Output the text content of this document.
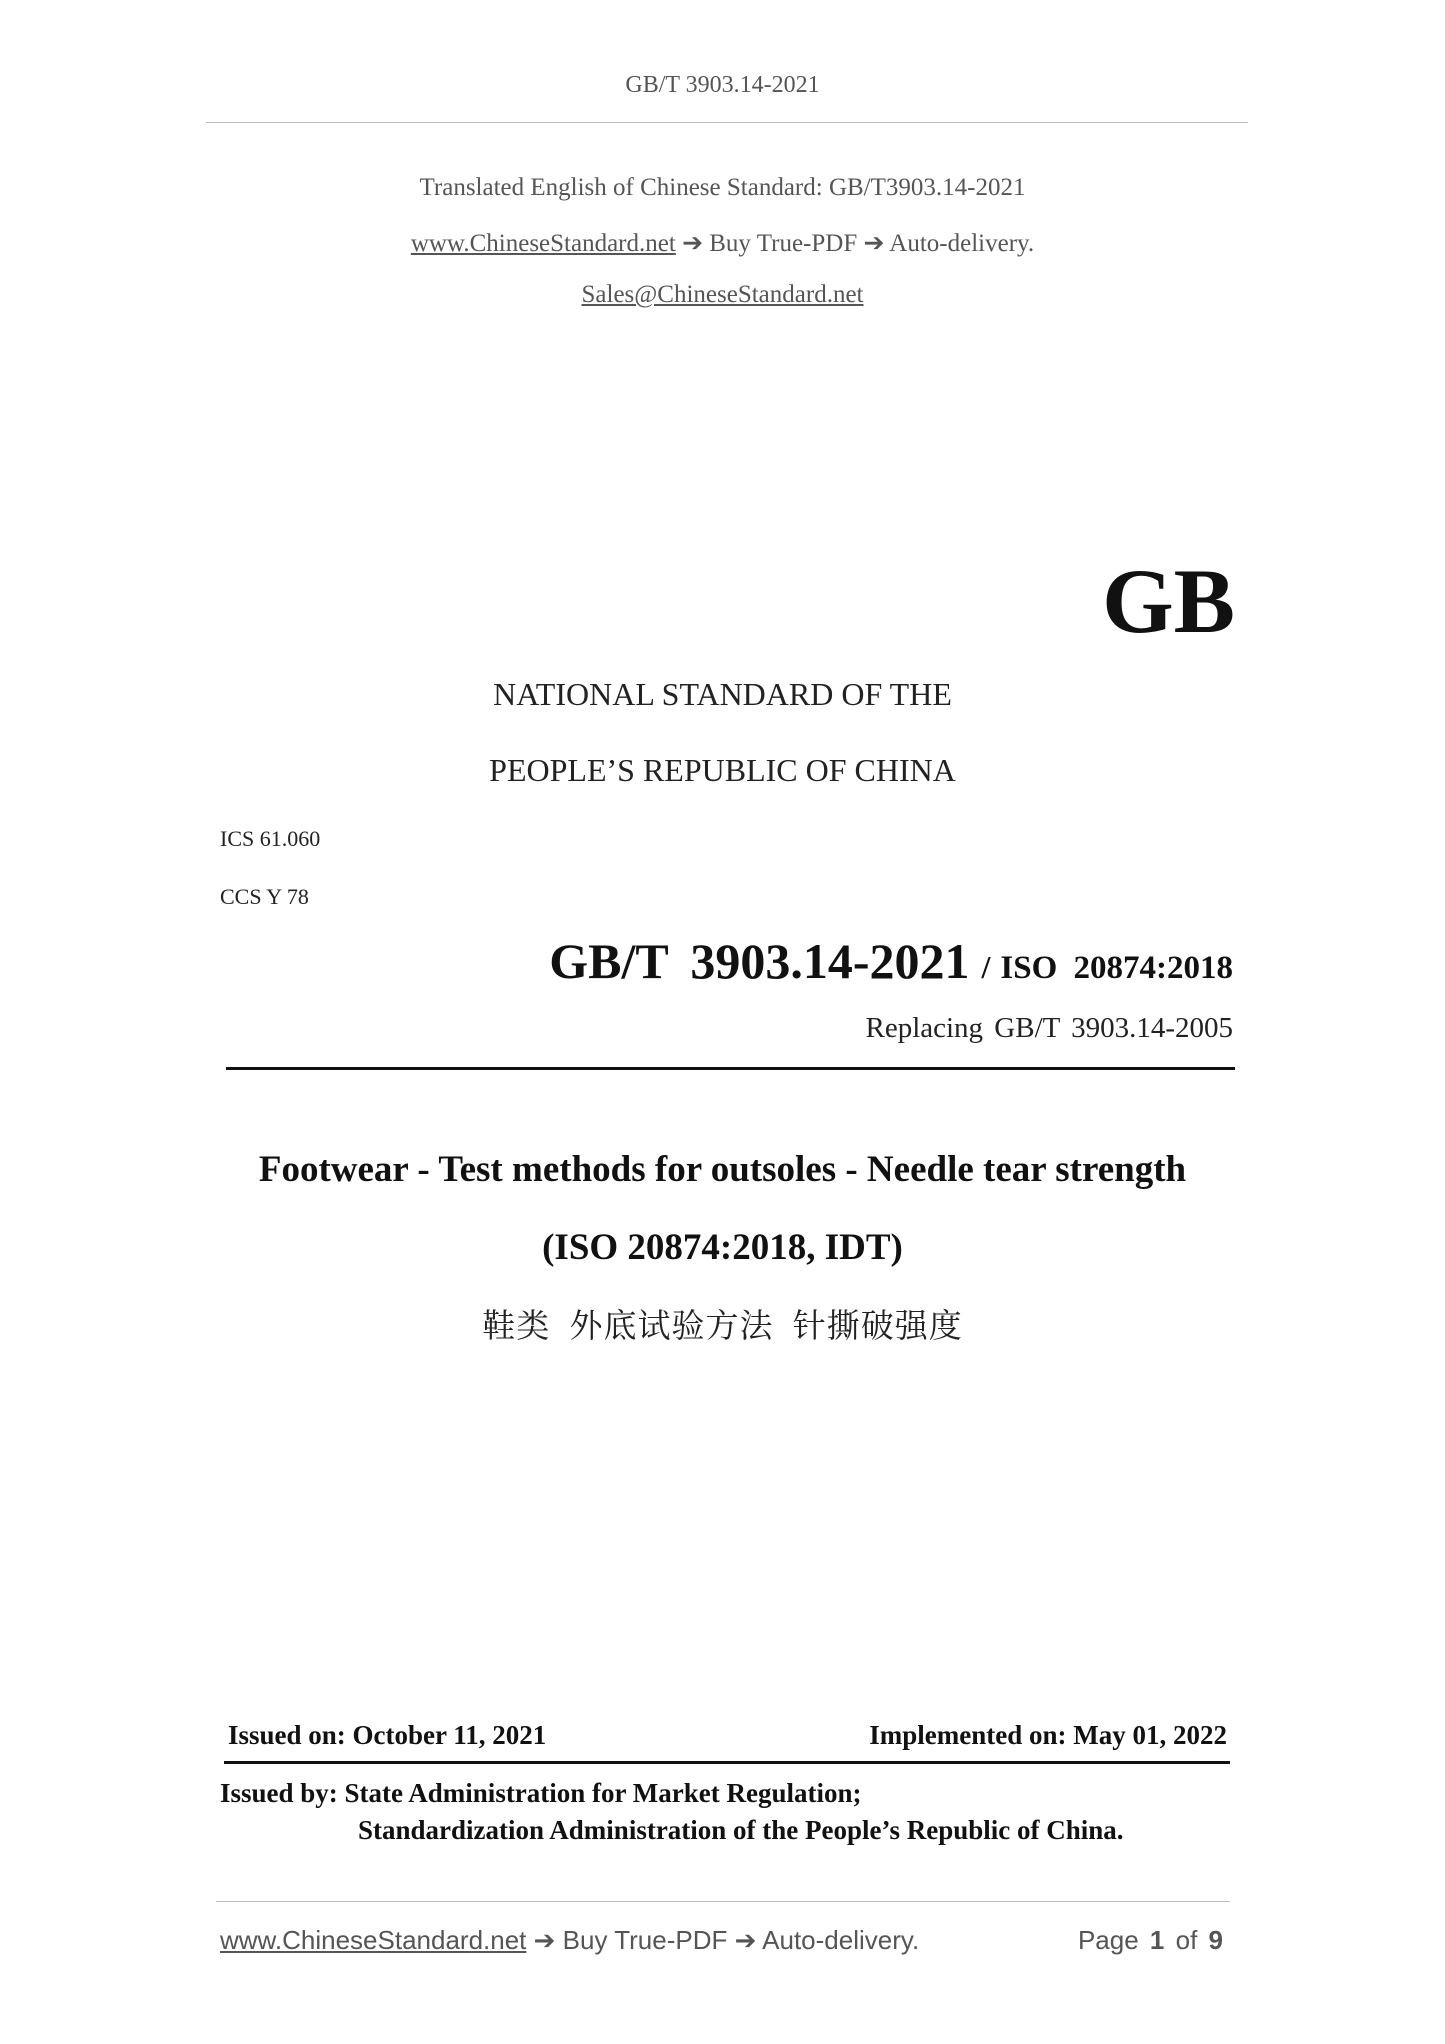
GB/T 3903.14-2021
Translated English of Chinese Standard: GB/T3903.14-2021
www.ChineseStandard.net ➔ Buy True-PDF ➔ Auto-delivery.
Sales@ChineseStandard.net
GB
NATIONAL STANDARD OF THE
PEOPLE’S REPUBLIC OF CHINA
ICS 61.060
CCS Y 78
GB/T 3903.14-2021 / ISO 20874:2018
Replacing GB/T 3903.14-2005
Footwear - Test methods for outsoles - Needle tear strength
(ISO 20874:2018, IDT)
鞋类 外底试验方法 针撕破强度
Issued on: October 11, 2021	Implemented on: May 01, 2022
Issued by: State Administration for Market Regulation;
Standardization Administration of the People’s Republic of China.
www.ChineseStandard.net ➔ Buy True-PDF ➔ Auto-delivery.	Page 1 of 9
